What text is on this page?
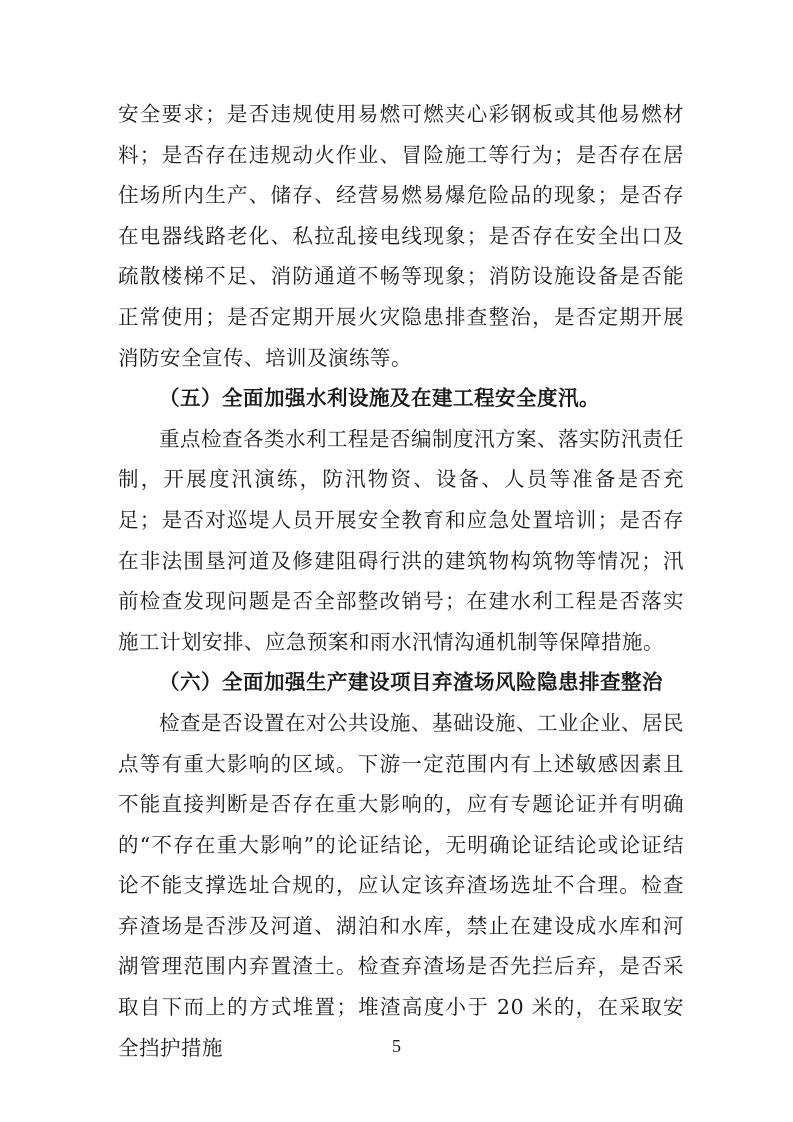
安全要求；是否违规使用易燃可燃夹心彩钢板或其他易燃材料；是否存在违规动火作业、冒险施工等行为；是否存在居住场所内生产、储存、经营易燃易爆危险品的现象；是否存在电器线路老化、私拉乱接电线现象；是否存在安全出口及疏散楼梯不足、消防通道不畅等现象；消防设施设备是否能正常使用；是否定期开展火灾隐患排查整治，是否定期开展消防安全宣传、培训及演练等。

（五）全面加强水利设施及在建工程安全度汛。

重点检查各类水利工程是否编制度汛方案、落实防汛责任制，开展度汛演练，防汛物资、设备、人员等准备是否充足；是否对巡堤人员开展安全教育和应急处置培训；是否存在非法围垦河道及修建阻碍行洪的建筑物构筑物等情况；汛前检查发现问题是否全部整改销号；在建水利工程是否落实施工计划安排、应急预案和雨水汛情沟通机制等保障措施。

（六）全面加强生产建设项目弃渣场风险隐患排查整治

检查是否设置在对公共设施、基础设施、工业企业、居民点等有重大影响的区域。下游一定范围内有上述敏感因素且不能直接判断是否存在重大影响的，应有专题论证并有明确的“不存在重大影响”的论证结论，无明确论证结论或论证结论不能支撑选址合规的，应认定该弃渣场选址不合理。检查弃渣场是否涉及河道、湖泊和水库，禁止在建设成水库和河湖管理范围内弃置渣土。检查弃渣场是否先拦后弃，是否采取自下而上的方式堆置；堆渣高度小于 20 米的，在采取安全挡护措施	5
